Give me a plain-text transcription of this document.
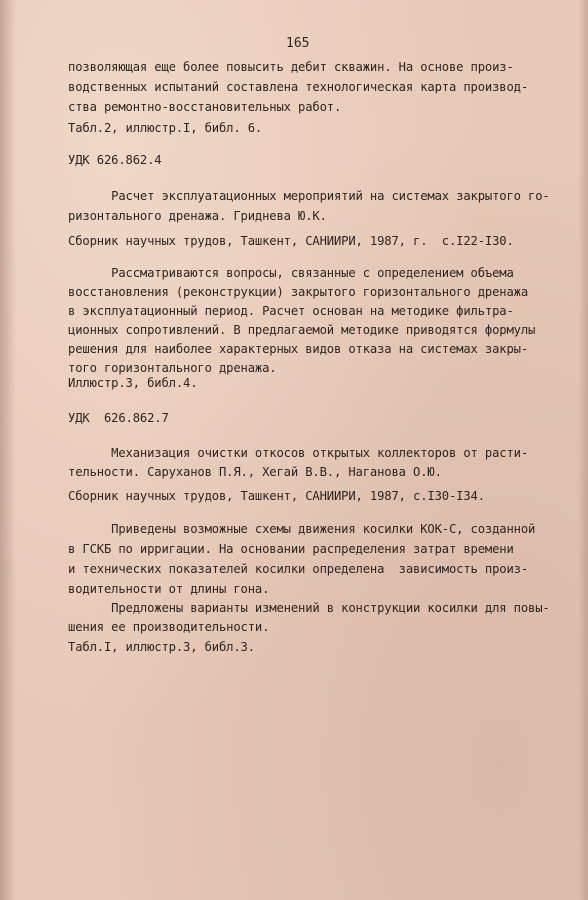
165
позволяющая еще более повысить дебит скважин. На основе произ-
водственных испытаний составлена технологическая карта производ-
ства ремонтно-восстановительных работ.
Табл.2, иллюстр.I, библ. 6.
УДК 626.862.4
Расчет эксплуатационных мероприятий на системах закрытого го-
ризонтального дренажа. Гриднева Ю.К.
Сборник научных трудов, Ташкент, САНИИРИ, 1987, г.  с.I22-I30.
Рассматриваются вопросы, связанные с определением объема
восстановления (реконструкции) закрытого горизонтального дренажа
в эксплуатационный период. Расчет основан на методике фильтра-
ционных сопротивлений. В предлагаемой методике приводятся формулы
решения для наиболее характерных видов отказа на системах закры-
того горизонтального дренажа.
Иллюстр.3, библ.4.
УДК  626.862.7
Механизация очистки откосов открытых коллекторов от расти-
тельности. Саруханов П.Я., Хегай В.В., Наганова О.Ю.
Сборник научных трудов, Ташкент, САНИИРИ, 1987, с.I30-I34.
Приведены возможные схемы движения косилки КОК-С, созданной
в ГСКБ по ирригации. На основании распределения затрат времени
и технических показателей косилки определена  зависимость произ-
водительности от длины гона.
Предложены варианты изменений в конструкции косилки для повы-
шения ее производительности.
Табл.I, иллюстр.3, библ.3.
